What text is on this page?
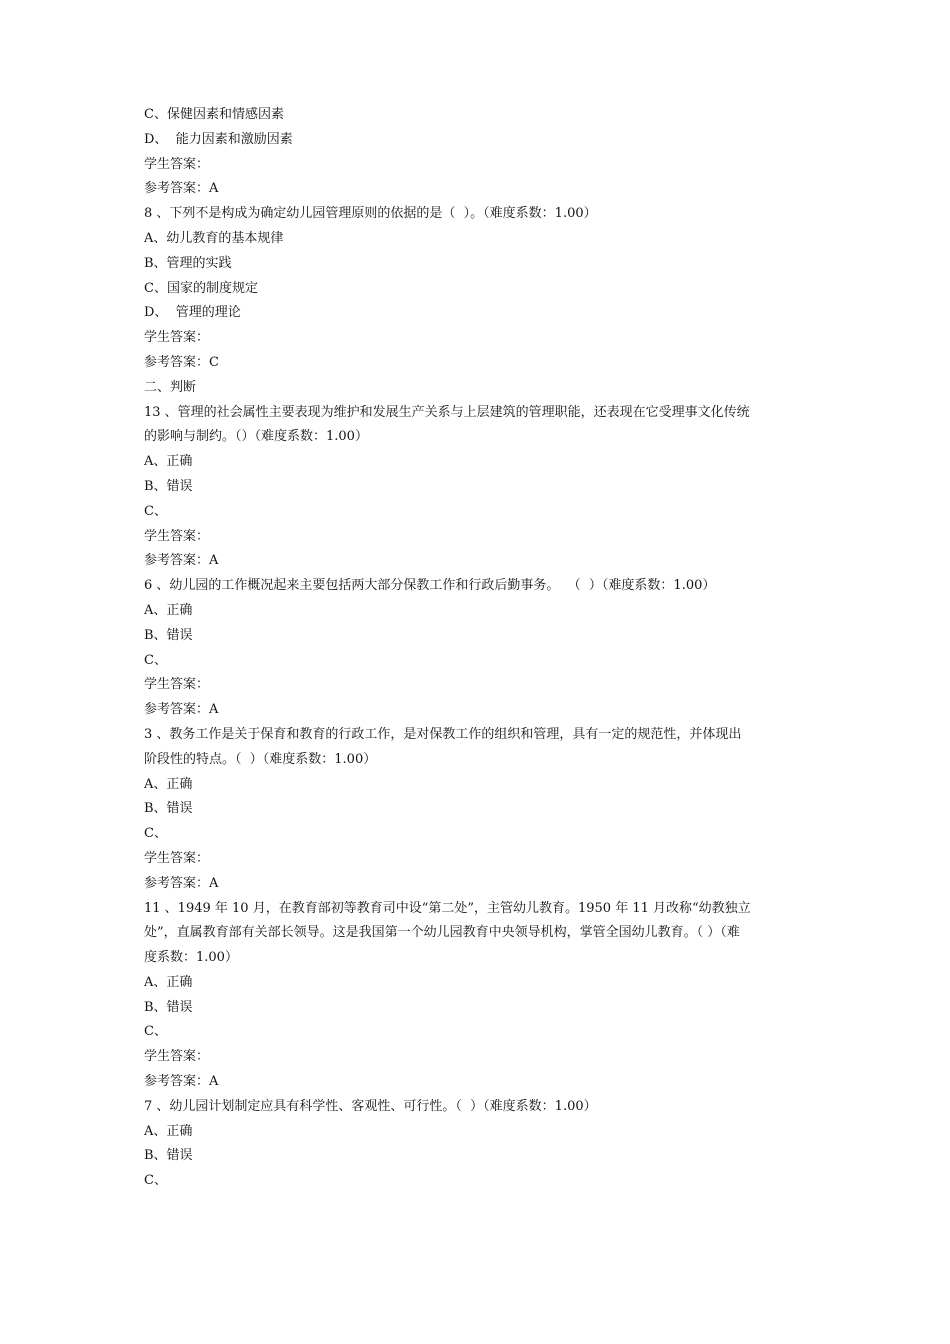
C、保健因素和情感因素
D、  能力因素和激励因素
学生答案：
参考答案：A
8 、下列不是构成为确定幼儿园管理原则的依据的是（  ）。（难度系数：1.00）
A、幼儿教育的基本规律
B、管理的实践
C、国家的制度规定
D、  管理的理论
学生答案：
参考答案：C
二、判断
13 、管理的社会属性主要表现为维护和发展生产关系与上层建筑的管理职能，还表现在它受理事文化传统
的影响与制约。（）（难度系数：1.00）
A、正确
B、错误
C、
学生答案：
参考答案：A
6 、幼儿园的工作概况起来主要包括两大部分保教工作和行政后勤事务。  （  ）（难度系数：1.00）
A、正确
B、错误
C、
学生答案：
参考答案：A
3 、教务工作是关于保育和教育的行政工作，是对保教工作的组织和管理，具有一定的规范性，并体现出
阶段性的特点。（  ）（难度系数：1.00）
A、正确
B、错误
C、
学生答案：
参考答案：A
11 、1949 年 10 月，在教育部初等教育司中设“第二处”，主管幼儿教育。1950 年 11 月改称“幼教独立
处”，直属教育部有关部长领导。这是我国第一个幼儿园教育中央领导机构，掌管全国幼儿教育。（ ）（难
度系数：1.00）
A、正确
B、错误
C、
学生答案：
参考答案：A
7 、幼儿园计划制定应具有科学性、客观性、可行性。（  ）（难度系数：1.00）
A、正确
B、错误
C、
